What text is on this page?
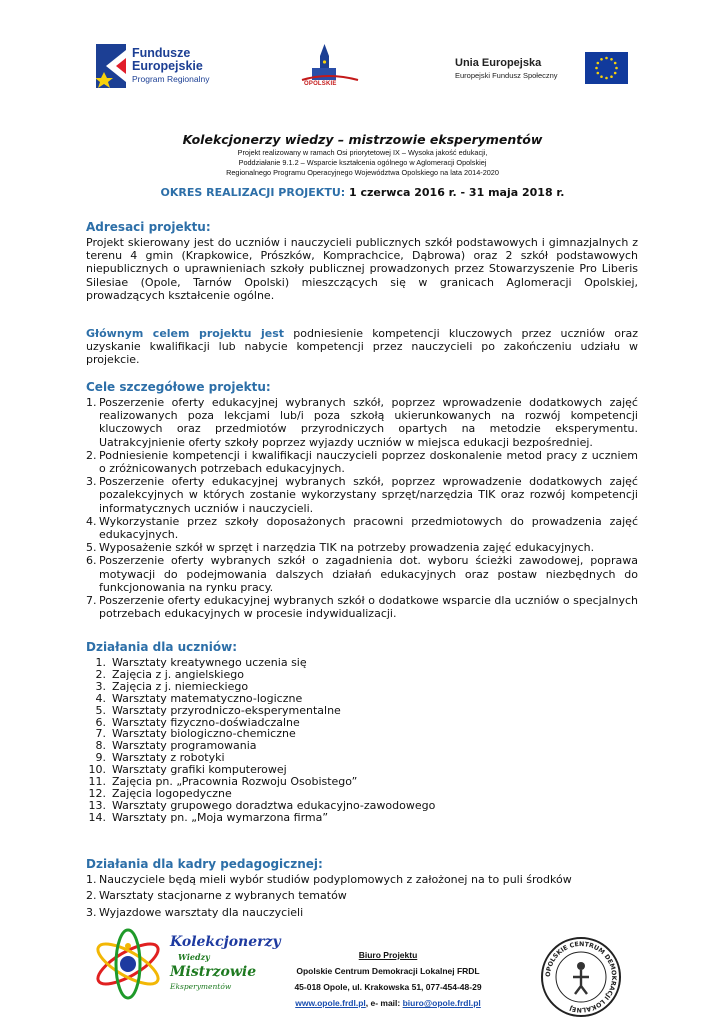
Fundusze
Europejskie
Program Regionalny	OPOLSKIE
Unia Europejska
Europejski Fundusz Społeczny
Kolekcjonerzy wiedzy – mistrzowie eksperymentów
Projekt realizowany w ramach Osi priorytetowej IX – Wysoka jakość edukacji,
Poddziałanie 9.1.2 – Wsparcie kształcenia ogólnego w Aglomeracji Opolskiej
Regionalnego Programu Operacyjnego Województwa Opolskiego na lata 2014-2020
OKRES REALIZACJI PROJEKTU: 1 czerwca 2016 r. - 31 maja 2018 r.
Adresaci projektu:
Projekt skierowany jest do uczniów i nauczycieli publicznych szkół podstawowych i gimnazjalnych z terenu 4 gmin (Krapkowice, Prószków, Komprachcice, Dąbrowa) oraz 2 szkół podstawowych niepublicznych o uprawnieniach szkoły publicznej prowadzonych przez Stowarzyszenie Pro Liberis Silesiae (Opole, Tarnów Opolski) mieszczących się w granicach Aglomeracji Opolskiej, prowadzących kształcenie ogólne.
Głównym celem projektu jest podniesienie kompetencji kluczowych przez uczniów oraz uzyskanie kwalifikacji lub nabycie kompetencji przez nauczycieli po zakończeniu udziału w projekcie.
Cele szczegółowe projektu:
1. Poszerzenie oferty edukacyjnej wybranych szkół, poprzez wprowadzenie dodatkowych zajęć realizowanych poza lekcjami lub/i poza szkołą ukierunkowanych na rozwój kompetencji kluczowych oraz przedmiotów przyrodniczych opartych na metodzie eksperymentu. Uatrakcyjnienie oferty szkoły poprzez wyjazdy uczniów w miejsca edukacji bezpośredniej.
2. Podniesienie kompetencji i kwalifikacji nauczycieli poprzez doskonalenie metod pracy z uczniem o zróżnicowanych potrzebach edukacyjnych.
3. Poszerzenie oferty edukacyjnej wybranych szkół, poprzez wprowadzenie dodatkowych zajęć pozalekcyjnych w których zostanie wykorzystany sprzęt/narzędzia TIK oraz rozwój kompetencji informatycznych uczniów i nauczycieli.
4. Wykorzystanie przez szkoły doposażonych pracowni przedmiotowych do prowadzenia zajęć edukacyjnych.
5. Wyposażenie szkół w sprzęt i narzędzia TIK na potrzeby prowadzenia zajęć edukacyjnych.
6. Poszerzenie oferty wybranych szkół o zagadnienia dot. wyboru ścieżki zawodowej, poprawa motywacji do podejmowania dalszych działań edukacyjnych oraz postaw niezbędnych do funkcjonowania na rynku pracy.
7. Poszerzenie oferty edukacyjnej wybranych szkół o dodatkowe wsparcie dla uczniów o specjalnych potrzebach edukacyjnych w procesie indywidualizacji.
Działania dla uczniów:
1. Warsztaty kreatywnego uczenia się
2. Zajęcia z j. angielskiego
3. Zajęcia z j. niemieckiego
4. Warsztaty matematyczno-logiczne
5. Warsztaty przyrodniczo-eksperymentalne
6. Warsztaty fizyczno-doświadczalne
7. Warsztaty biologiczno-chemiczne
8. Warsztaty programowania
9. Warsztaty z robotyki
10. Warsztaty grafiki komputerowej
11. Zajęcia pn. „Pracownia Rozwoju Osobistego”
12. Zajęcia logopedyczne
13. Warsztaty grupowego doradztwa edukacyjno-zawodowego
14. Warsztaty pn. „Moja wymarzona firma”
Działania dla kadry pedagogicznej:
1. Nauczyciele będą mieli wybór studiów podyplomowych z założonej na to puli środków
2. Warsztaty stacjonarne z wybranych tematów
3. Wyjazdowe warsztaty dla nauczycieli
Kolekcjonerzy
Wiedzy
Mistrzowie
Eksperymentów
Biuro Projektu
Opolskie Centrum Demokracji Lokalnej FRDL
45-018 Opole, ul. Krakowska 51, 077-454-48-29
www.opole.frdl.pl, e- mail: biuro@opole.frdl.pl
OPOLSKIE CENTRUM DEMOKRACJI LOKALNEJ
